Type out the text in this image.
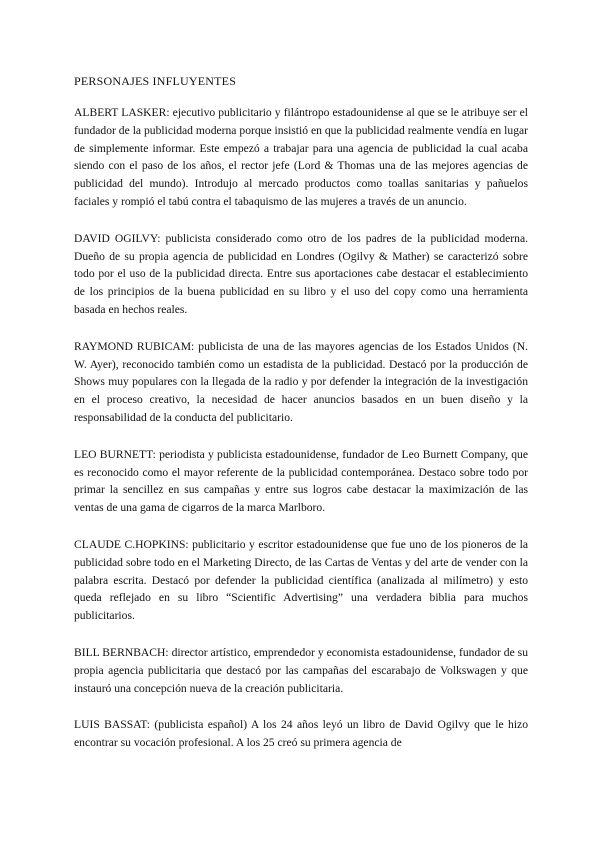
PERSONAJES INFLUYENTES

ALBERT LASKER: ejecutivo publicitario y filántropo estadounidense al que se le atribuye ser el fundador de la publicidad moderna porque insistió en que la publicidad realmente vendía en lugar de simplemente informar. Este empezó a trabajar para una agencia de publicidad la cual acaba siendo con el paso de los años, el rector jefe (Lord & Thomas una de las mejores agencias de publicidad del mundo). Introdujo al mercado productos como toallas sanitarias y pañuelos faciales y rompió el tabú contra el tabaquismo de las mujeres a través de un anuncio.

DAVID OGILVY: publicista considerado como otro de los padres de la publicidad moderna. Dueño de su propia agencia de publicidad en Londres (Ogilvy & Mather) se caracterizó sobre todo por el uso de la publicidad directa. Entre sus aportaciones cabe destacar el establecimiento de los principios de la buena publicidad en su libro y el uso del copy como una herramienta basada en hechos reales.

RAYMOND RUBICAM: publicista de una de las mayores agencias de los Estados Unidos (N. W. Ayer), reconocido también como un estadista de la publicidad. Destacó por la producción de Shows muy populares con la llegada de la radio y por defender la integración de la investigación en el proceso creativo, la necesidad de hacer anuncios basados en un buen diseño y la responsabilidad de la conducta del publicitario.

LEO BURNETT: periodista y publicista estadounidense, fundador de Leo Burnett Company, que es reconocido como el mayor referente de la publicidad contemporánea. Destaco sobre todo por primar la sencillez en sus campañas y entre sus logros cabe destacar la maximización de las ventas de una gama de cigarros de la marca Marlboro.

CLAUDE C.HOPKINS: publicitario y escritor estadounidense que fue uno de los pioneros de la publicidad sobre todo en el Marketing Directo, de las Cartas de Ventas y del arte de vender con la palabra escrita. Destacó por defender la publicidad científica (analizada al milímetro) y esto queda reflejado en su libro “Scientific Advertising” una verdadera biblia para muchos publicitarios.

BILL BERNBACH: director artístico, emprendedor y economista estadounidense, fundador de su propia agencia publicitaria que destacó por las campañas del escarabajo de Volkswagen y que instauró una concepción nueva de la creación publicitaria.

LUIS BASSAT: (publicista español) A los 24 años leyó un libro de David Ogilvy que le hizo encontrar su vocación profesional. A los 25 creó su primera agencia de
